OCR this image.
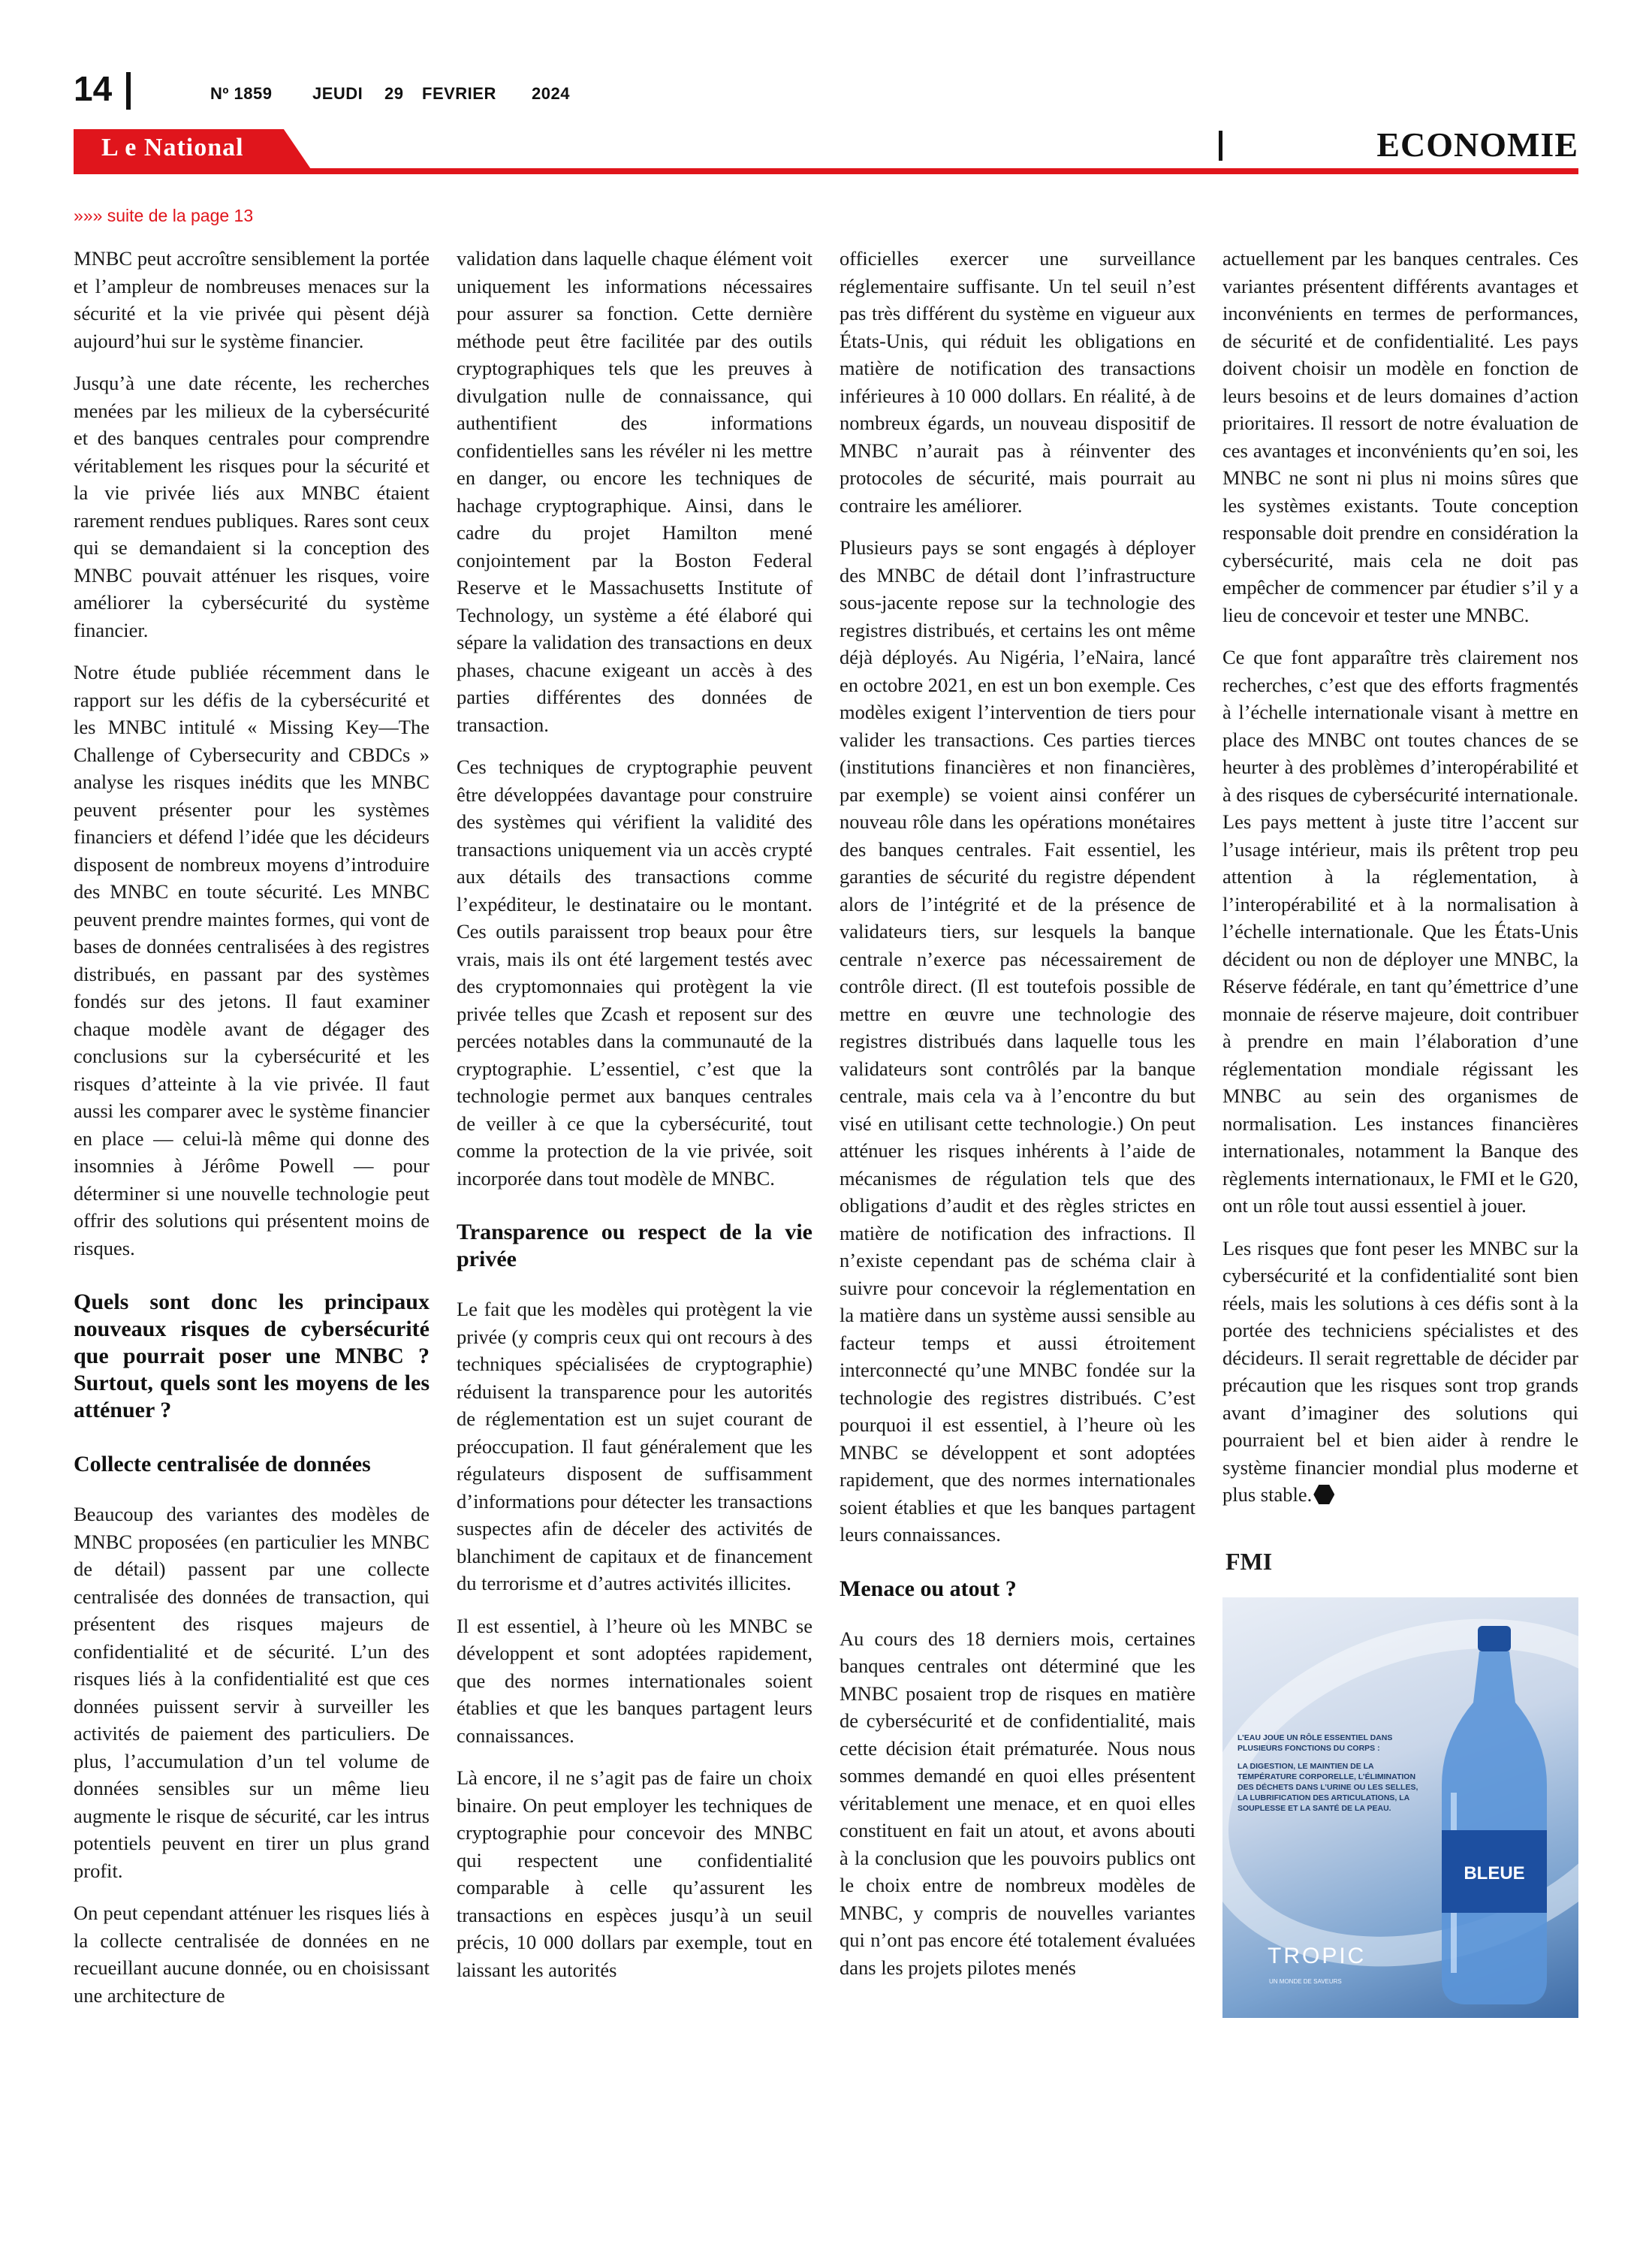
14	Nº 1859 JEUDI 29 FEVRIER 2024
L e National	ECONOMIE
»»» suite de la page 13

MNBC peut accroître sensiblement la portée et l’ampleur de nombreuses menaces sur la sécurité et la vie privée qui pèsent déjà aujourd’hui sur le système financier.

Jusqu’à une date récente, les recherches menées par les milieux de la cybersécurité et des banques centrales pour comprendre véritablement les risques pour la sécurité et la vie privée liés aux MNBC étaient rarement rendues publiques. Rares sont ceux qui se demandaient si la conception des MNBC pouvait atténuer les risques, voire améliorer la cybersécurité du système financier.

Notre étude publiée récemment dans le rapport sur les défis de la cybersécurité et les MNBC intitulé « Missing Key—The Challenge of Cybersecurity and CBDCs » analyse les risques inédits que les MNBC peuvent présenter pour les systèmes financiers et défend l’idée que les décideurs disposent de nombreux moyens d’introduire des MNBC en toute sécurité. Les MNBC peuvent prendre maintes formes, qui vont de bases de données centralisées à des registres distribués, en passant par des systèmes fondés sur des jetons. Il faut examiner chaque modèle avant de dégager des conclusions sur la cybersécurité et les risques d’atteinte à la vie privée. Il faut aussi les comparer avec le système financier en place — celui-là même qui donne des insomnies à Jérôme Powell — pour déterminer si une nouvelle technologie peut offrir des solutions qui présentent moins de risques.

Quels sont donc les principaux nouveaux risques de cybersécurité que pourrait poser une MNBC ? Surtout, quels sont les moyens de les atténuer ?
Collecte centralisée de données

Beaucoup des variantes des modèles de MNBC proposées (en particulier les MNBC de détail) passent par une collecte centralisée des données de transaction, qui présentent des risques majeurs de confidentialité et de sécurité. L’un des risques liés à la confidentialité est que ces données puissent servir à surveiller les activités de paiement des particuliers. De plus, l’accumulation d’un tel volume de données sensibles sur un même lieu augmente le risque de sécurité, car les intrus potentiels peuvent en tirer un plus grand profit.

On peut cependant atténuer les risques liés à la collecte centralisée de données en ne recueillant aucune donnée, ou en choisissant une architecture de

validation dans laquelle chaque élément voit uniquement les informations nécessaires pour assurer sa fonction. Cette dernière méthode peut être facilitée par des outils cryptographiques tels que les preuves à divulgation nulle de connaissance, qui authentifient des informations confidentielles sans les révéler ni les mettre en danger, ou encore les techniques de hachage cryptographique. Ainsi, dans le cadre du projet Hamilton mené conjointement par la Boston Federal Reserve et le Massachusetts Institute of Technology, un système a été élaboré qui sépare la validation des transactions en deux phases, chacune exigeant un accès à des parties différentes des données de transaction.

Ces techniques de cryptographie peuvent être développées davantage pour construire des systèmes qui vérifient la validité des transactions uniquement via un accès crypté aux détails des transactions comme l’expéditeur, le destinataire ou le montant. Ces outils paraissent trop beaux pour être vrais, mais ils ont été largement testés avec des cryptomonnaies qui protègent la vie privée telles que Zcash et reposent sur des percées notables dans la communauté de la cryptographie. L’essentiel, c’est que la technologie permet aux banques centrales de veiller à ce que la cybersécurité, tout comme la protection de la vie privée, soit incorporée dans tout modèle de MNBC.

Transparence ou respect de la vie privée

Le fait que les modèles qui protègent la vie privée (y compris ceux qui ont recours à des techniques spécialisées de cryptographie) réduisent la transparence pour les autorités de réglementation est un sujet courant de préoccupation. Il faut généralement que les régulateurs disposent de suffisamment d’informations pour détecter les transactions suspectes afin de déceler des activités de blanchiment de capitaux et de financement du terrorisme et d’autres activités illicites.

Il est essentiel, à l’heure où les MNBC se développent et sont adoptées rapidement, que des normes internationales soient établies et que les banques partagent leurs connaissances.

Là encore, il ne s’agit pas de faire un choix binaire. On peut employer les techniques de cryptographie pour concevoir des MNBC qui respectent une confidentialité comparable à celle qu’assurent les transactions en espèces jusqu’à un seuil précis, 10 000 dollars par exemple, tout en laissant les autorités

officielles exercer une surveillance réglementaire suffisante. Un tel seuil n’est pas très différent du système en vigueur aux États-Unis, qui réduit les obligations en matière de notification des transactions inférieures à 10 000 dollars. En réalité, à de nombreux égards, un nouveau dispositif de MNBC n’aurait pas à réinventer des protocoles de sécurité, mais pourrait au contraire les améliorer.

Plusieurs pays se sont engagés à déployer des MNBC de détail dont l’infrastructure sous-jacente repose sur la technologie des registres distribués, et certains les ont même déjà déployés. Au Nigéria, l’eNaira, lancé en octobre 2021, en est un bon exemple. Ces modèles exigent l’intervention de tiers pour valider les transactions. Ces parties tierces (institutions financières et non financières, par exemple) se voient ainsi conférer un nouveau rôle dans les opérations monétaires des banques centrales. Fait essentiel, les garanties de sécurité du registre dépendent alors de l’intégrité et de la présence de validateurs tiers, sur lesquels la banque centrale n’exerce pas nécessairement de contrôle direct. (Il est toutefois possible de mettre en œuvre une technologie des registres distribués dans laquelle tous les validateurs sont contrôlés par la banque centrale, mais cela va à l’encontre du but visé en utilisant cette technologie.) On peut atténuer les risques inhérents à l’aide de mécanismes de régulation tels que des obligations d’audit et des règles strictes en matière de notification des infractions. Il n’existe cependant pas de schéma clair à suivre pour concevoir la réglementation en la matière dans un système aussi sensible au facteur temps et aussi étroitement interconnecté qu’une MNBC fondée sur la technologie des registres distribués. C’est pourquoi il est essentiel, à l’heure où les MNBC se développent et sont adoptées rapidement, que des normes internationales soient établies et que les banques partagent leurs connaissances.

Menace ou atout ?

Au cours des 18 derniers mois, certaines banques centrales ont déterminé que les MNBC posaient trop de risques en matière de cybersécurité et de confidentialité, mais cette décision était prématurée. Nous nous sommes demandé en quoi elles présentent véritablement une menace, et en quoi elles constituent en fait un atout, et avons abouti à la conclusion que les pouvoirs publics ont le choix entre de nombreux modèles de MNBC, y compris de nouvelles variantes qui n’ont pas encore été totalement évaluées dans les projets pilotes menés

actuellement par les banques centrales. Ces variantes présentent différents avantages et inconvénients en termes de performances, de sécurité et de confidentialité. Les pays doivent choisir un modèle en fonction de leurs besoins et de leurs domaines d’action prioritaires. Il ressort de notre évaluation de ces avantages et inconvénients qu’en soi, les MNBC ne sont ni plus ni moins sûres que les systèmes existants. Toute conception responsable doit prendre en considération la cybersécurité, mais cela ne doit pas empêcher de commencer par étudier s’il y a lieu de concevoir et tester une MNBC.

Ce que font apparaître très clairement nos recherches, c’est que des efforts fragmentés à l’échelle internationale visant à mettre en place des MNBC ont toutes chances de se heurter à des problèmes d’interopérabilité et à des risques de cybersécurité internationale. Les pays mettent à juste titre l’accent sur l’usage intérieur, mais ils prêtent trop peu attention à la réglementation, à l’interopérabilité et à la normalisation à l’échelle internationale. Que les États-Unis décident ou non de déployer une MNBC, la Réserve fédérale, en tant qu’émettrice d’une monnaie de réserve majeure, doit contribuer à prendre en main l’élaboration d’une réglementation mondiale régissant les MNBC au sein des organismes de normalisation. Les instances financières internationales, notamment la Banque des règlements internationaux, le FMI et le G20, ont un rôle tout aussi essentiel à jouer.

Les risques que font peser les MNBC sur la cybersécurité et la confidentialité sont bien réels, mais les solutions à ces défis sont à la portée des techniciens spécialistes et des décideurs. Il serait regrettable de décider par précaution que les risques sont trop grands avant d’imaginer des solutions qui pourraient bel et bien aider à rendre le système financier mondial plus moderne et plus stable.

FMI
L’EAU JOUE UN RÔLE ESSENTIEL DANS PLUSIEURS FONCTIONS DU CORPS :
LA DIGESTION, LE MAINTIEN DE LA TEMPÉRATURE CORPORELLE, L’ÉLIMINATION DES DÉCHETS DANS L’URINE OU LES SELLES, LA LUBRIFICATION DES ARTICULATIONS, LA SOUPLESSE ET LA SANTÉ DE LA PEAU.
BLEUE
TROPIC
UN MONDE DE SAVEURS
